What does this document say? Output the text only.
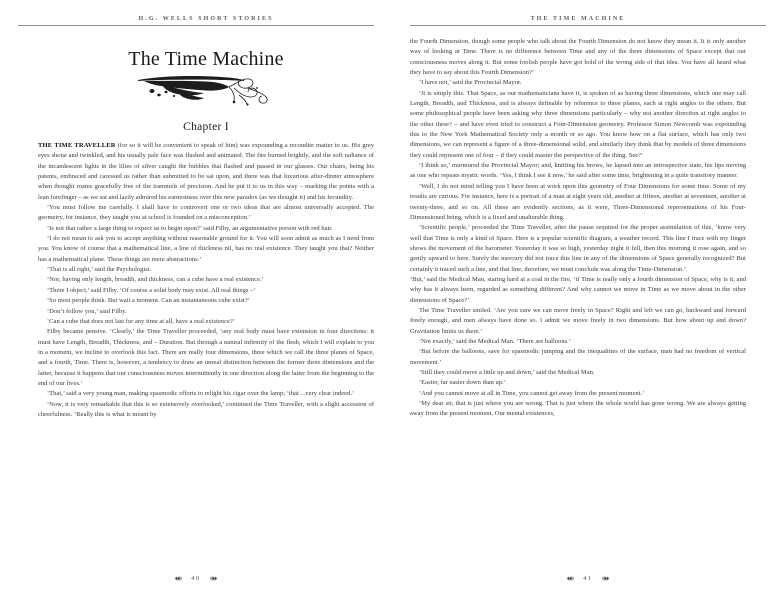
H.G. WELLS SHORT STORIES
The Time Machine
Chapter I

THE TIME TRAVELLER (for so it will be convenient to speak of him) was expounding a recondite matter to us. His grey eyes shone and twinkled, and his usually pale face was flushed and animated. The fire burned brightly, and the soft radiance of the incandescent lights in the lilies of silver caught the bubbles that flashed and passed in our glasses. Our chairs, being his patents, embraced and caressed us rather than submitted to be sat upon, and there was that luxurious after-dinner atmosphere when thought roams gracefully free of the trammels of precision. And he put it to us in this way – marking the points with a lean forefinger – as we sat and lazily admired his earnestness over this new paradox (as we thought it) and his fecundity.

‘You must follow me carefully. I shall have to controvert one or two ideas that are almost universally accepted. The geometry, for instance, they taught you at school is founded on a misconception.’

‘Is not that rather a large thing to expect us to begin upon?’ said Filby, an argumentative person with red hair.

‘I do not mean to ask you to accept anything without reasonable ground for it. You will soon admit as much as I need from you. You know of course that a mathematical line, a line of thickness nil, has no real existence. They taught you that? Neither has a mathematical plane. These things are mere abstractions.’

‘That is all right,’ said the Psychologist.

‘Nor, having only length, breadth, and thickness, can a cube have a real existence.’

‘There I object,’ said Filby. ‘Of course a solid body may exist. All real things –’

‘So most people think. But wait a moment. Can an instantaneous cube exist?’

‘Don’t follow you,’ said Filby.

‘Can a cube that does not last for any time at all, have a real existence?’

Filby became pensive. ‘Clearly,’ the Time Traveller proceeded, ‘any real body must have extension in four directions: it must have Length, Breadth, Thickness, and – Duration. But through a natural infirmity of the flesh, which I will explain to you in a moment, we incline to overlook this fact. There are really four dimensions, three which we call the three planes of Space, and a fourth, Time. There is, however, a tendency to draw an unreal distinction between the former three dimensions and the latter, because it happens that our consciousness moves intermittently in one direction along the latter from the beginning to the end of our lives.’

‘That,’ said a very young man, making spasmodic efforts to relight his cigar over the lamp; ‘that ...very clear indeed.’

‘Now, it is very remarkable that this is so extensively overlooked,’ continued the Time Traveller, with a slight accession of cheerfulness. ‘Really this is what is meant by

40
THE TIME MACHINE

the Fourth Dimension, though some people who talk about the Fourth Dimension do not know they mean it. It is only another way of looking at Time. There is no difference between Time and any of the three dimensions of Space except that our consciousness moves along it. But some foolish people have got hold of the wrong side of that idea. You have all heard what they have to say about this Fourth Dimension?’

‘I have not,’ said the Provincial Mayor.

‘It is simply this. That Space, as our mathematicians have it, is spoken of as having three dimensions, which one may call Length, Breadth, and Thickness, and is always definable by reference to three planes, each at right angles to the others. But some philosophical people have been asking why three dimensions particularly – why not another direction at right angles to the other three? – and have even tried to construct a Four-Dimension geometry. Professor Simon Newcomb was expounding this to the New York Mathematical Society only a month or so ago. You know how on a flat surface, which has only two dimensions, we can represent a figure of a three-dimensional solid, and similarly they think that by models of three dimensions they could represent one of four – if they could master the perspective of the thing. See?’

‘I think so,’ murmured the Provincial Mayor; and, knitting his brows, he lapsed into an introspective state, his lips moving as one who repeats mystic words. ‘Yes, I think I see it now,’ he said after some time, brightening in a quite transitory manner.

‘Well, I do not mind telling you I have been at work upon this geometry of Four Dimensions for some time. Some of my results are curious. For instance, here is a portrait of a man at eight years old, another at fifteen, another at seventeen, another at twenty-three, and so on. All these are evidently sections, as it were, Three-Dimensional representations of his Four-Dimensioned being, which is a fixed and unalterable thing.

‘Scientific people,’ proceeded the Time Traveller, after the pause required for the proper assimilation of this, ‘know very well that Time is only a kind of Space. Here is a popular scientific diagram, a weather record. This line I trace with my finger shows the movement of the barometer. Yesterday it was so high, yesterday night it fell, then this morning it rose again, and so gently upward to here. Surely the mercury did not trace this line in any of the dimensions of Space generally recognized? But certainly it traced such a line, and that line, therefore, we must conclude was along the Time-Dimension.’

‘But,’ said the Medical Man, staring hard at a coal in the fire, ‘if Time is really only a fourth dimension of Space, why is it, and why has it always been, regarded as something different? And why cannot we move in Time as we move about in the other dimensions of Space?’

The Time Traveller smiled. ‘Are you sure we can move freely in Space? Right and left we can go, backward and forward freely enough, and men always have done so. I admit we move freely in two dimensions. But how about up and down? Gravitation limits us there.’

‘Not exactly,’ said the Medical Man. ‘There are balloons.’

‘But before the balloons, save for spasmodic jumping and the inequalities of the surface, man had no freedom of vertical movement.’

‘Still they could move a little up and down,’ said the Medical Man.

‘Easier, far easier down than up.’

‘And you cannot move at all in Time, you cannot get away from the present moment.’

‘My dear sir, that is just where you are wrong. That is just where the whole world has gone wrong. We are always getting away from the present moment. Our mental existences,

41
